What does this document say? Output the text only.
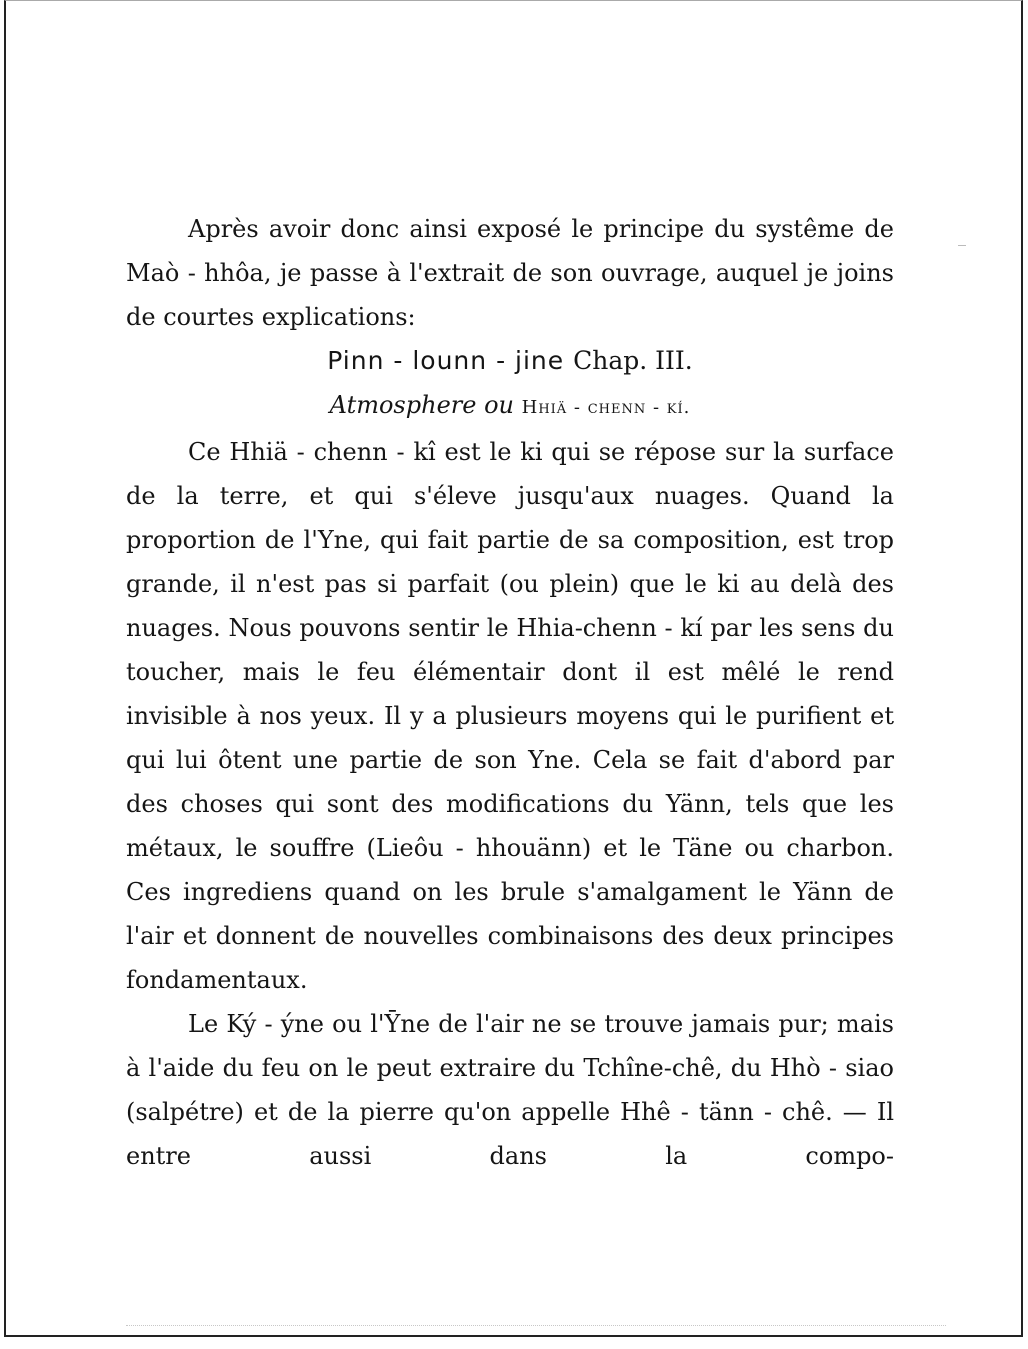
Après avoir donc ainsi exposé le principe du systême de Maò - hhôa, je passe à l'extrait de son ouvrage, auquel je joins de courtes explications:

Pinn - lounn - jine Chap. III.

Atmosphere ou Hhiä - chenn - kí.

Ce Hhiä - chenn - kî est le ki qui se répose sur la surface de la terre, et qui s'éleve jusqu'aux nuages. Quand la proportion de l'Yne, qui fait partie de sa composition, est trop grande, il n'est pas si parfait (ou plein) que le ki au delà des nuages. Nous pouvons sentir le Hhia-chenn - kí par les sens du toucher, mais le feu élémentair dont il est mêlé le rend invisible à nos yeux. Il y a plusieurs moyens qui le purifient et qui lui ôtent une partie de son Yne. Cela se fait d'abord par des choses qui sont des modifications du Yänn, tels que les métaux, le souffre (Lieôu - hhouänn) et le Täne ou charbon. Ces ingrediens quand on les brule s'amalgament le Yänn de l'air et donnent de nouvelles combinaisons des deux principes fondamentaux.

Le Ký - ýne ou l'Ȳne de l'air ne se trouve jamais pur; mais à l'aide du feu on le peut extraire du Tchîne-chê, du Hhò - siao (salpétre) et de la pierre qu'on appelle Hhê - tänn - chê. — Il entre aussi dans la compo-
